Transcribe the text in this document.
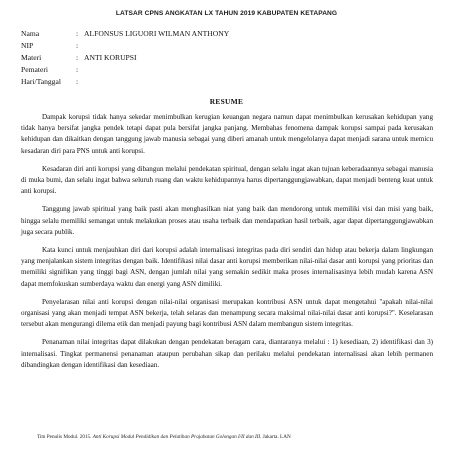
LATSAR CPNS ANGKATAN LX TAHUN 2019 KABUPATEN KETAPANG
Nama	: ALFONSUS LIGUORI WILMAN ANTHONY
NIP	:
Materi	: ANTI KORUPSI
Pemateri	:
Hari/Tanggal	:
RESUME

Dampak korupsi tidak hanya sekedar menimbulkan kerugian keuangan negara namun dapat menimbulkan kerusakan kehidupan yang tidak hanya bersifat jangka pendek tetapi dapat pula bersifat jangka panjang. Membahas fenomena dampak korupsi sampai pada kerusakan kehidupan dan dikaitkan dengan tanggung jawab manusia sebagai yang diberi amanah untuk mengelolanya dapat menjadi sarana untuk memicu kesadaran diri para PNS untuk anti korupsi.

Kesadaran diri anti korupsi yang dibangun melalui pendekatan spiritual, dengan selalu ingat akan tujuan keberadaannya sebagai manusia di muka bumi, dan selalu ingat bahwa seluruh ruang dan waktu kehidupannya harus dipertanggungjawabkan, dapat menjadi benteng kuat untuk anti korupsi.

Tanggung jawab spiritual yang baik pasti akan menghasilkan niat yang baik dan mendorong untuk memiliki visi dan misi yang baik, hingga selalu memiliki semangat untuk melakukan proses atau usaha terbaik dan mendapatkan hasil terbaik, agar dapat dipertanggungjawabkan juga secara publik.

Kata kunci untuk menjauhkan diri dari korupsi adalah internalisasi integritas pada diri sendiri dan hidup atau bekerja dalam lingkungan yang menjalankan sistem integritas dengan baik. Identifikasi nilai dasar anti korupsi memberikan nilai-nilai dasar anti korupsi yang prioritas dan memiliki signifikan yang tinggi bagi ASN, dengan jumlah nilai yang semakin sedikit maka proses internalisasinya lebih mudah karena ASN dapat memfokuskan sumberdaya waktu dan energi yang ASN dimiliki.

Penyelarasan nilai anti korupsi dengan nilai-nilai organisasi merupakan kontribusi ASN untuk dapat mengetahui "apakah nilai-nilai organisasi yang akan menjadi tempat ASN bekerja, telah selaras dan menampung secara maksimal nilai-nilai dasar anti korupsi?". Keselarasan tersebut akan mengurangi dilema etik dan menjadi payung bagi kontribusi ASN dalam membangun sistem integritas.

Penanaman nilai integritas dapat dilakukan dengan pendekatan beragam cara, diantaranya melalui : 1) kesediaan, 2) identifikasi dan 3) internalisasi. Tingkat permanensi penanaman ataupun perubahan sikap dan perilaku melalui pendekatan internalisasi akan lebih permanen dibandingkan dengan identifikasi dan kesediaan.

Tim Penulis Modul. 2015. Anti Korupsi Modul Pendidikan dan Pelatihan Prajabatan Golongan I/II dan III. Jakarta. LAN
